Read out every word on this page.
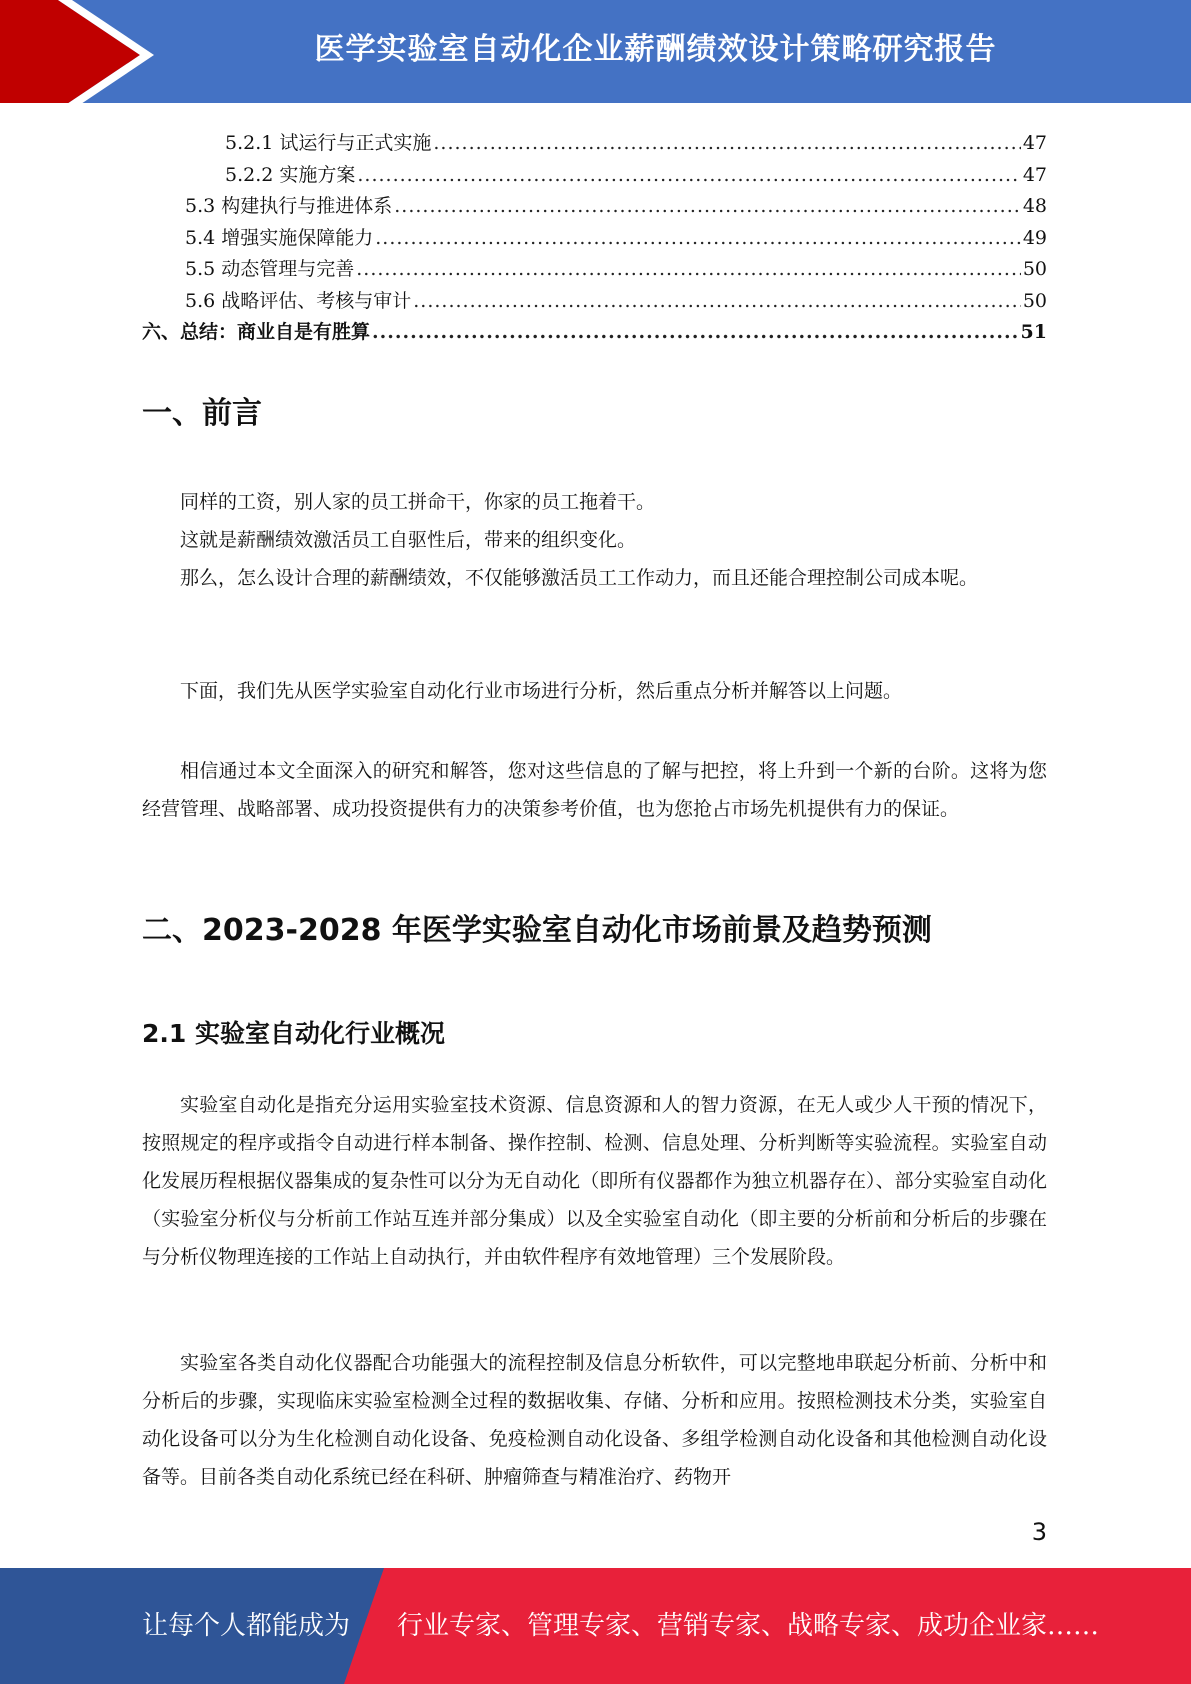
医学实验室自动化企业薪酬绩效设计策略研究报告
5.2.1 试运行与正式实施 .....	47
5.2.2 实施方案 .....	47
5.3 构建执行与推进体系 .....	48
5.4 增强实施保障能力 .....	49
5.5 动态管理与完善 .....	50
5.6 战略评估、考核与审计 .....	50
六、总结：商业自是有胜算 .....	51
一、前言

同样的工资，别人家的员工拼命干，你家的员工拖着干。

这就是薪酬绩效激活员工自驱性后，带来的组织变化。

那么，怎么设计合理的薪酬绩效，不仅能够激活员工工作动力，而且还能合理控制公司成本呢。

下面，我们先从医学实验室自动化行业市场进行分析，然后重点分析并解答以上问题。

相信通过本文全面深入的研究和解答，您对这些信息的了解与把控，将上升到一个新的台阶。这将为您经营管理、战略部署、成功投资提供有力的决策参考价值，也为您抢占市场先机提供有力的保证。

二、2023-2028 年医学实验室自动化市场前景及趋势预测
2.1 实验室自动化行业概况

实验室自动化是指充分运用实验室技术资源、信息资源和人的智力资源，在无人或少人干预的情况下，按照规定的程序或指令自动进行样本制备、操作控制、检测、信息处理、分析判断等实验流程。实验室自动化发展历程根据仪器集成的复杂性可以分为无自动化（即所有仪器都作为独立机器存在）、部分实验室自动化（实验室分析仪与分析前工作站互连并部分集成）以及全实验室自动化（即主要的分析前和分析后的步骤在与分析仪物理连接的工作站上自动执行，并由软件程序有效地管理）三个发展阶段。

实验室各类自动化仪器配合功能强大的流程控制及信息分析软件，可以完整地串联起分析前、分析中和分析后的步骤，实现临床实验室检测全过程的数据收集、存储、分析和应用。按照检测技术分类，实验室自动化设备可以分为生化检测自动化设备、免疫检测自动化设备、多组学检测自动化设备和其他检测自动化设备等。目前各类自动化系统已经在科研、肿瘤筛查与精准治疗、药物开

3
让每个人都能成为 行业专家、管理专家、营销专家、战略专家、成功企业家……
